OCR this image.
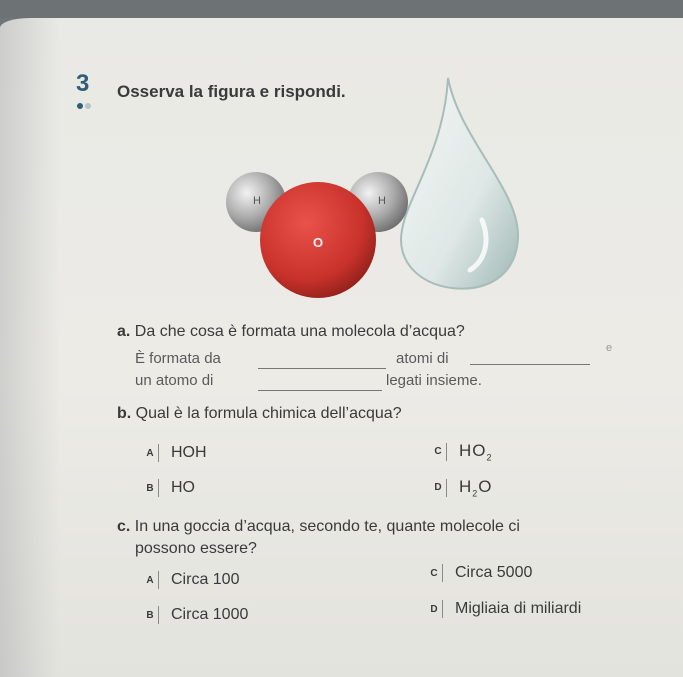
3 Osserva la figura e rispondi.
H	H
O
a. Da che cosa è formata una molecola d’acqua?
È formata da	atomi di
e
un atomo di	legati insieme.
b. Qual è la formula chimica dell’acqua?
A	HOH
B	HO
C	$HO_2$
D	$H_2O$
c. In una goccia d’acqua, secondo te, quante molecole ci
possono essere?
A	Circa 100
B	Circa 1000
C	Circa 5000
D	Migliaia di miliardi
